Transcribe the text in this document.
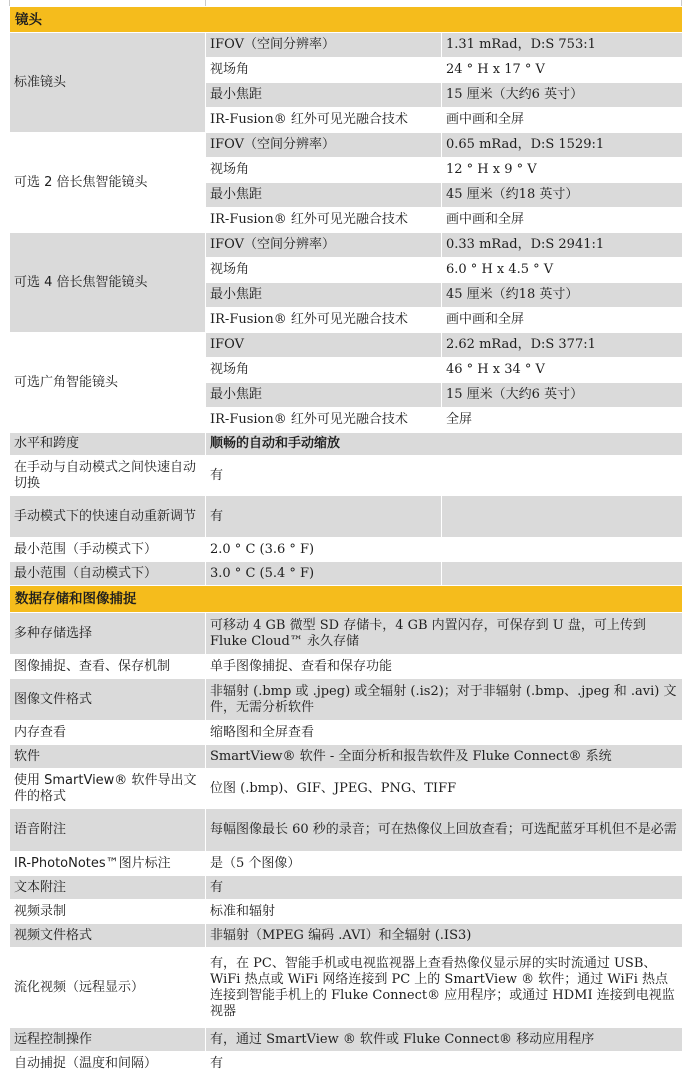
镜头		
标准镜头	IFOV（空间分辨率）	1.31 mRad，D:S 753:1
	视场角	24 ° H x 17 ° V
	最小焦距	15 厘米（大约6 英寸）
	IR-Fusion® 红外可见光融合技术	画中画和全屏
可选 2 倍长焦智能镜头	IFOV（空间分辨率）	0.65 mRad，D:S 1529:1
	视场角	12 ° H x 9 ° V
	最小焦距	45 厘米（约18 英寸）
	IR-Fusion® 红外可见光融合技术	画中画和全屏
可选 4 倍长焦智能镜头	IFOV（空间分辨率）	0.33 mRad，D:S 2941:1
	视场角	6.0 ° H x 4.5 ° V
	最小焦距	45 厘米（约18 英寸）
	IR-Fusion® 红外可见光融合技术	画中画和全屏
可选广角智能镜头	IFOV	2.62 mRad，D:S 377:1
	视场角	46 ° H x 34 ° V
	最小焦距	15 厘米（大约6 英寸）
	IR-Fusion® 红外可见光融合技术	全屏
水平和跨度	顺畅的自动和手动缩放	
在手动与自动模式之间快速自动切换	有	
手动模式下的快速自动重新调节	有	
最小范围（手动模式下）	2.0 ° C (3.6 ° F)	
最小范围（自动模式下）	3.0 ° C (5.4 ° F)	
数据存储和图像捕捉		
多种存储选择	可移动 4 GB 微型 SD 存储卡，4 GB 内置闪存，可保存到 U 盘，可上传到 Fluke Cloud™ 永久存储	
图像捕捉、查看、保存机制	单手图像捕捉、查看和保存功能	
图像文件格式	非辐射 (.bmp 或 .jpeg) 或全辐射 (.is2)；对于非辐射 (.bmp、.jpeg 和 .avi) 文件，无需分析软件	
内存查看	缩略图和全屏查看	
软件	SmartView® 软件 - 全面分析和报告软件及 Fluke Connect® 系统	
使用 SmartView® 软件导出文件的格式	位图 (.bmp)、GIF、JPEG、PNG、TIFF	
语音附注	每幅图像最长 60 秒的录音；可在热像仪上回放查看；可选配蓝牙耳机但不是必需	
IR-PhotoNotes™图片标注	是（5 个图像）	
文本附注	有	
视频录制	标准和辐射	
视频文件格式	非辐射（MPEG 编码 .AVI）和全辐射 (.IS3)	
流化视频（远程显示）	有，在 PC、智能手机或电视监视器上查看热像仪显示屏的实时流通过 USB、WiFi 热点或 WiFi 网络连接到 PC 上的 SmartView ® 软件；通过 WiFi 热点连接到智能手机上的 Fluke Connect® 应用程序；或通过 HDMI 连接到电视监视器	
远程控制操作	有，通过 SmartView ® 软件或 Fluke Connect® 移动应用程序	
自动捕捉（温度和间隔）	有	
